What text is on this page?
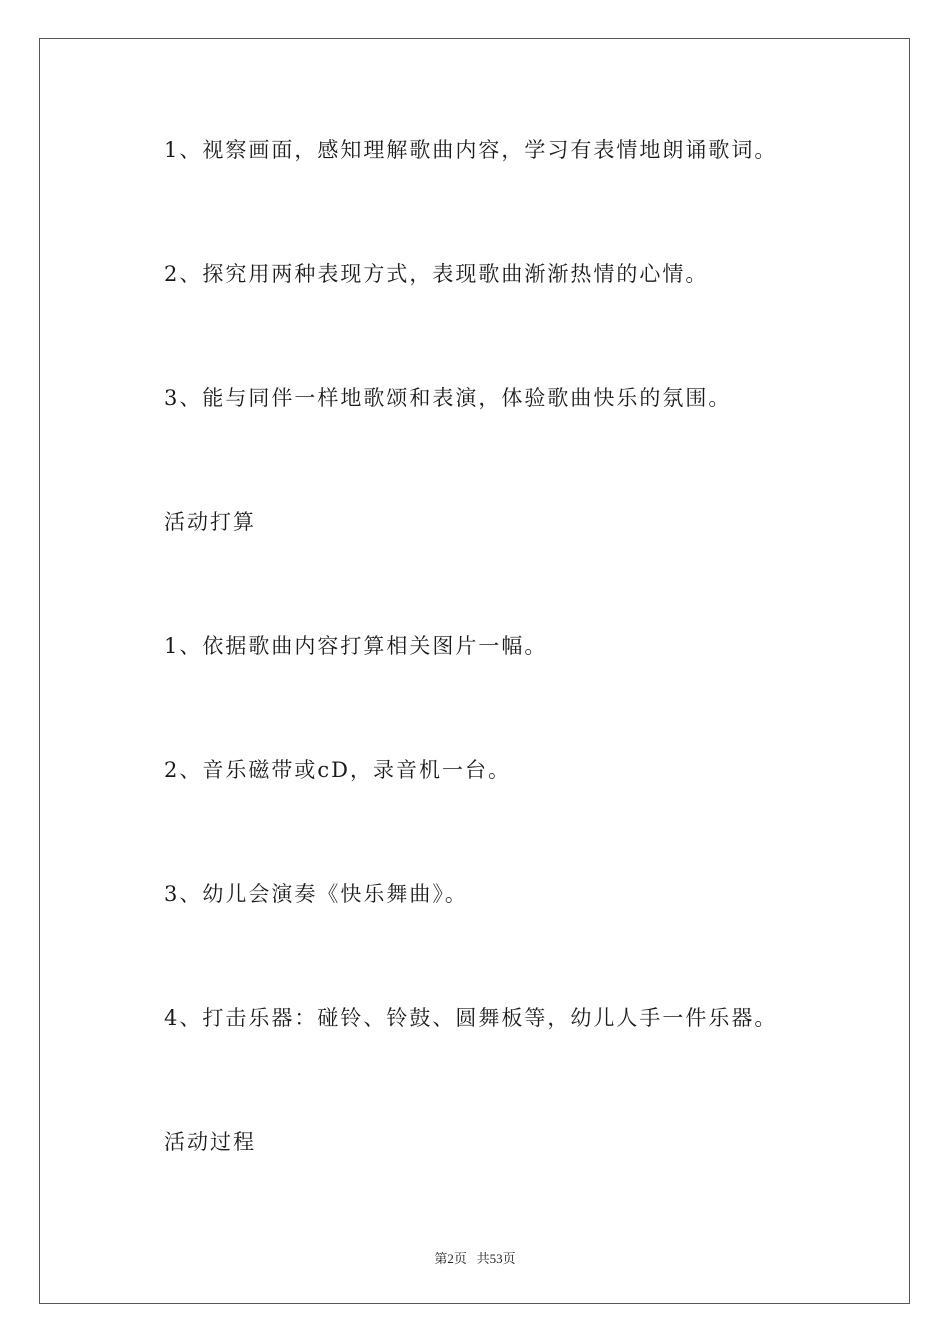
1、视察画面，感知理解歌曲内容，学习有表情地朗诵歌词。
2、探究用两种表现方式，表现歌曲渐渐热情的心情。
3、能与同伴一样地歌颂和表演，体验歌曲快乐的氛围。
活动打算
1、依据歌曲内容打算相关图片一幅。
2、音乐磁带或cD，录音机一台。
3、幼儿会演奏《快乐舞曲》。
4、打击乐器：碰铃、铃鼓、圆舞板等，幼儿人手一件乐器。
活动过程
第2页 共53页
